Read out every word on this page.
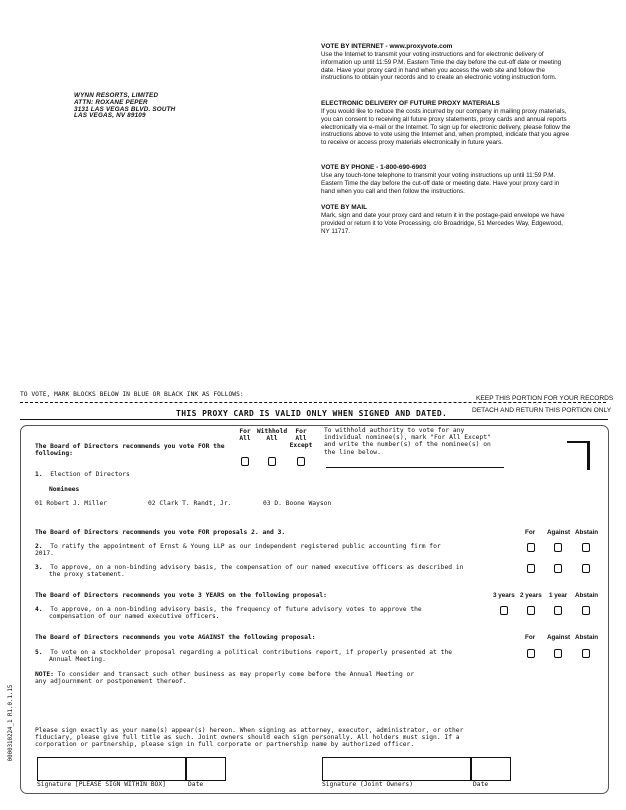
WYNN RESORTS, LIMITED
ATTN: ROXANE PEPER
3131 LAS VEGAS BLVD. SOUTH
LAS VEGAS, NV 89109
VOTE BY INTERNET - www.proxyvote.com

Use the Internet to transmit your voting instructions and for electronic delivery of information up until 11:59 P.M. Eastern Time the day before the cut-off date or meeting date. Have your proxy card in hand when you access the web site and follow the instructions to obtain your records and to create an electronic voting instruction form.

ELECTRONIC DELIVERY OF FUTURE PROXY MATERIALS

If you would like to reduce the costs incurred by our company in mailing proxy materials, you can consent to receiving all future proxy statements, proxy cards and annual reports electronically via e-mail or the Internet. To sign up for electronic delivery, please follow the instructions above to vote using the Internet and, when prompted, indicate that you agree to receive or access proxy materials electronically in future years.

VOTE BY PHONE - 1-800-690-6903

Use any touch-tone telephone to transmit your voting instructions up until 11:59 P.M. Eastern Time the day before the cut-off date or meeting date. Have your proxy card in hand when you call and then follow the instructions.

VOTE BY MAIL

Mark, sign and date your proxy card and return it in the postage-paid envelope we have provided or return it to Vote Processing, c/o Broadridge, 51 Mercedes Way, Edgewood, NY 11717.

TO VOTE, MARK BLOCKS BELOW IN BLUE OR BLACK INK AS FOLLOWS:
KEEP THIS PORTION FOR YOUR RECORDS
DETACH AND RETURN THIS PORTION ONLY
THIS PROXY CARD IS VALID ONLY WHEN SIGNED AND DATED.
0000310224_1 R1.0.1.15
The Board of Directors recommends you vote FOR the following:
For
All
Withhold
All
For All
Except
To withhold authority to vote for any individual nominee(s), mark "For All Except" and write the number(s) of the nominee(s) on the line below.
1. Election of Directors
Nominees
01 Robert J. Miller	02 Clark T. Randt, Jr.	03 D. Boone Wayson
The Board of Directors recommends you vote FOR proposals 2. and 3.	For Against Abstain
2. To ratify the appointment of Ernst & Young LLP as our independent registered public accounting firm for 2017.
3. To approve, on a non-binding advisory basis, the compensation of our named executive officers as described in the proxy statement.
The Board of Directors recommends you vote 3 YEARS on the following proposal:	3 years 2 years 1 year Abstain
4. To approve, on a non-binding advisory basis, the frequency of future advisory votes to approve the compensation of our named executive officers.
The Board of Directors recommends you vote AGAINST the following proposal:	For Against Abstain
5. To vote on a stockholder proposal regarding a political contributions report, if properly presented at the Annual Meeting.
NOTE: To consider and transact such other business as may properly come before the Annual Meeting or any adjournment or postponement thereof.
Please sign exactly as your name(s) appear(s) hereon. When signing as attorney, executor, administrator, or other fiduciary, please give full title as such. Joint owners should each sign personally. All holders must sign. If a corporation or partnership, please sign in full corporate or partnership name by authorized officer.
Signature [PLEASE SIGN WITHIN BOX]	Date	Signature (Joint Owners)	Date
